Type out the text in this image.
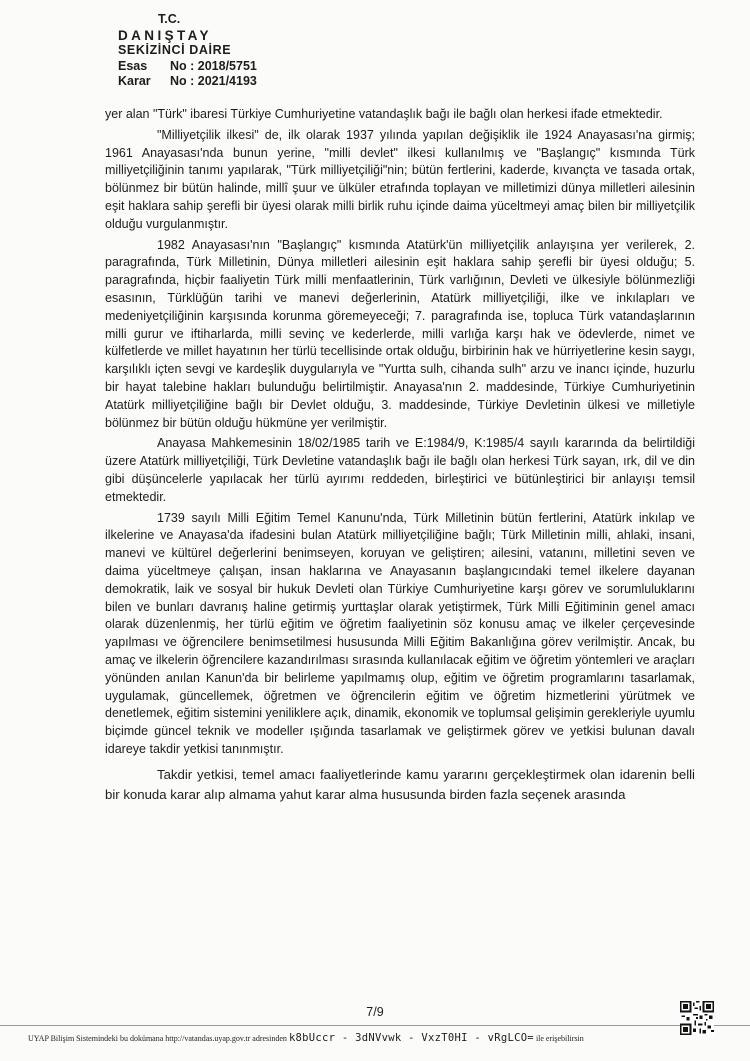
T.C.
DANIŞTAY
SEKİZİNCİ DAİRE
Esas No : 2018/5751
Karar No : 2021/4193

yer alan "Türk" ibaresi Türkiye Cumhuriyetine vatandaşlık bağı ile bağlı olan herkesi ifade etmektedir.

"Milliyetçilik ilkesi" de, ilk olarak 1937 yılında yapılan değişiklik ile 1924 Anayasası'na girmiş; 1961 Anayasası'nda bunun yerine, "milli devlet" ilkesi kullanılmış ve "Başlangıç" kısmında Türk milliyetçiliğinin tanımı yapılarak, "Türk milliyetçiliği"nin; bütün fertlerini, kaderde, kıvançta ve tasada ortak, bölünmez bir bütün halinde, millî şuur ve ülküler etrafında toplayan ve milletimizi dünya milletleri ailesinin eşit haklara sahip şerefli bir üyesi olarak milli birlik ruhu içinde daima yüceltmeyi amaç bilen bir milliyetçilik olduğu vurgulanmıştır.

1982 Anayasası'nın "Başlangıç" kısmında Atatürk'ün milliyetçilik anlayışına yer verilerek, 2. paragrafında, Türk Milletinin, Dünya milletleri ailesinin eşit haklara sahip şerefli bir üyesi olduğu; 5. paragrafında, hiçbir faaliyetin Türk milli menfaatlerinin, Türk varlığının, Devleti ve ülkesiyle bölünmezliği esasının, Türklüğün tarihi ve manevi değerlerinin, Atatürk milliyetçiliği, ilke ve inkılapları ve medeniyetçiliğinin karşısında korunma göremeyeceği; 7. paragrafında ise, topluca Türk vatandaşlarının milli gurur ve iftiharlarda, milli sevinç ve kederlerde, milli varlığa karşı hak ve ödevlerde, nimet ve külfetlerde ve millet hayatının her türlü tecellisinde ortak olduğu, birbirinin hak ve hürriyetlerine kesin saygı, karşılıklı içten sevgi ve kardeşlik duygularıyla ve "Yurtta sulh, cihanda sulh" arzu ve inancı içinde, huzurlu bir hayat talebine hakları bulunduğu belirtilmiştir. Anayasa'nın 2. maddesinde, Türkiye Cumhuriyetinin Atatürk milliyetçiliğine bağlı bir Devlet olduğu, 3. maddesinde, Türkiye Devletinin ülkesi ve milletiyle bölünmez bir bütün olduğu hükmüne yer verilmiştir.

Anayasa Mahkemesinin 18/02/1985 tarih ve E:1984/9, K:1985/4 sayılı kararında da belirtildiği üzere Atatürk milliyetçiliği, Türk Devletine vatandaşlık bağı ile bağlı olan herkesi Türk sayan, ırk, dil ve din gibi düşüncelerle yapılacak her türlü ayırımı reddeden, birleştirici ve bütünleştirici bir anlayışı temsil etmektedir.

1739 sayılı Milli Eğitim Temel Kanunu'nda, Türk Milletinin bütün fertlerini, Atatürk inkılap ve ilkelerine ve Anayasa'da ifadesini bulan Atatürk milliyetçiliğine bağlı; Türk Milletinin milli, ahlaki, insani, manevi ve kültürel değerlerini benimseyen, koruyan ve geliştiren; ailesini, vatanını, milletini seven ve daima yüceltmeye çalışan, insan haklarına ve Anayasanın başlangıcındaki temel ilkelere dayanan demokratik, laik ve sosyal bir hukuk Devleti olan Türkiye Cumhuriyetine karşı görev ve sorumluluklarını bilen ve bunları davranış haline getirmiş yurttaşlar olarak yetiştirmek, Türk Milli Eğitiminin genel amacı olarak düzenlenmiş, her türlü eğitim ve öğretim faaliyetinin söz konusu amaç ve ilkeler çerçevesinde yapılması ve öğrencilere benimsetilmesi hususunda Milli Eğitim Bakanlığına görev verilmiştir. Ancak, bu amaç ve ilkelerin öğrencilere kazandırılması sırasında kullanılacak eğitim ve öğretim yöntemleri ve araçları yönünden anılan Kanun'da bir belirleme yapılmamış olup, eğitim ve öğretim programlarını tasarlamak, uygulamak, güncellemek, öğretmen ve öğrencilerin eğitim ve öğretim hizmetlerini yürütmek ve denetlemek, eğitim sistemini yeniliklere açık, dinamik, ekonomik ve toplumsal gelişimin gerekleriyle uyumlu biçimde güncel teknik ve modeller ışığında tasarlamak ve geliştirmek görev ve yetkisi bulunan davalı idareye takdir yetkisi tanınmıştır.

Takdir yetkisi, temel amacı faaliyetlerinde kamu yararını gerçekleştirmek olan idarenin belli bir konuda karar alıp almama yahut karar alma hususunda birden fazla seçenek arasında

7/9
UYAP Bilişim Sistemindeki bu dokümana http://vatandas.uyap.gov.tr adresinden k8bUccr - 3dNVvwk - VxzT0HI - vRgLCO= ile erişebilirsin
